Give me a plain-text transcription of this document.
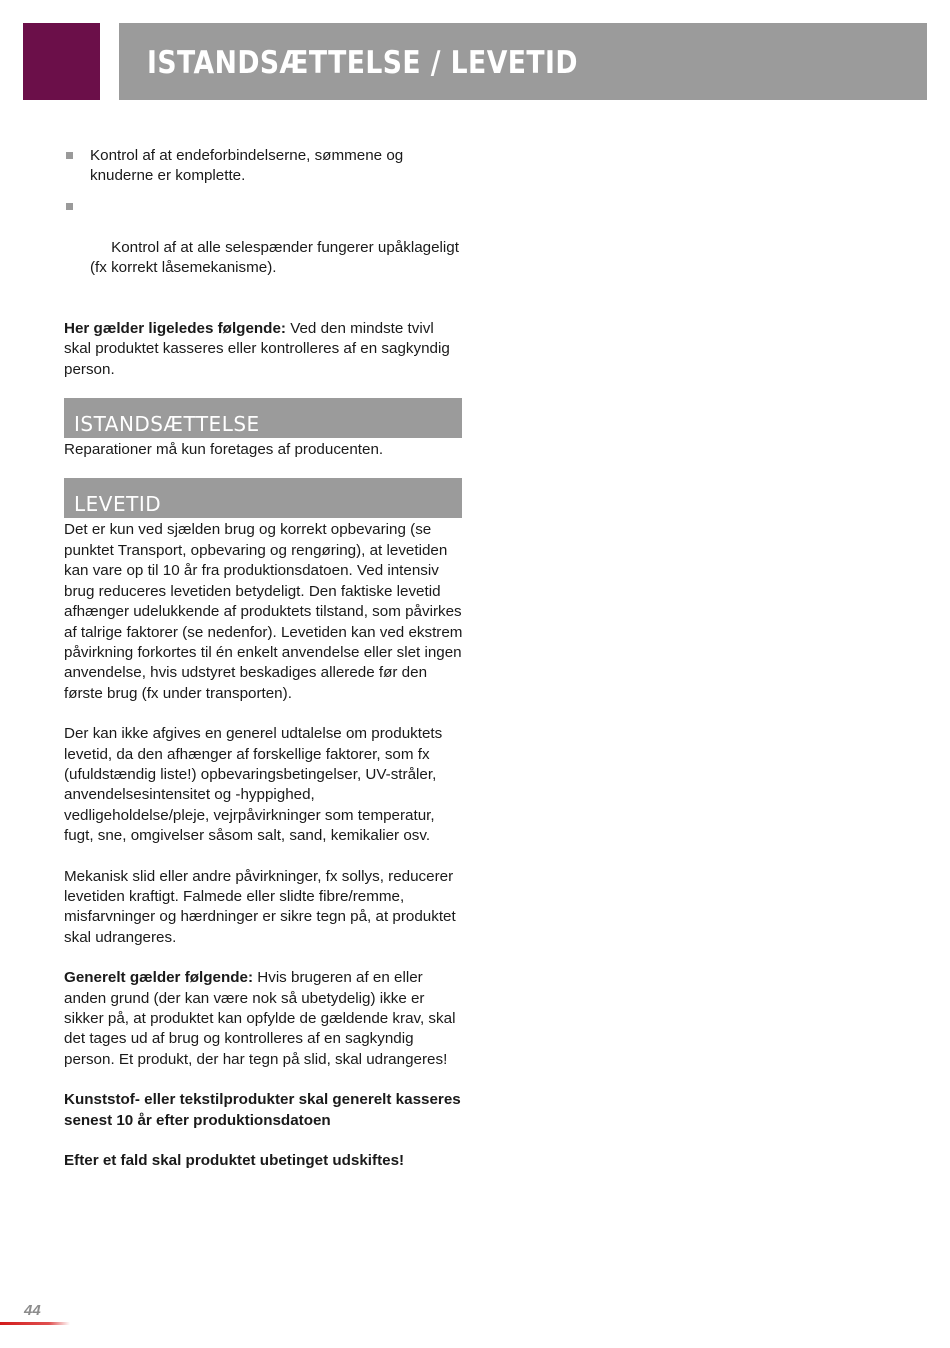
ISTANDSÆTTELSE / LEVETID

Kontrol af at endeforbindelserne, sømmene og knuderne er komplette.

Kontrol af at alle selespænder fungerer upåklageligt (fx korrekt låsemekanisme).

Her gælder ligeledes følgende: Ved den mindste tvivl skal produktet kasseres eller kontrolleres af en sagkyndig person.

ISTANDSÆTTELSE

Reparationer må kun foretages af producenten.

LEVETID

Det er kun ved sjælden brug og korrekt opbevaring (se punktet Transport, opbevaring og rengøring), at levetiden kan vare op til 10 år fra produktionsdatoen. Ved intensiv brug reduceres levetiden betydeligt. Den faktiske levetid afhænger udelukkende af produktets tilstand, som påvirkes af talrige faktorer (se nedenfor). Levetiden kan ved ekstrem påvirkning forkortes til én enkelt anvendelse eller slet ingen anvendelse, hvis udstyret beskadiges allerede før den første brug (fx under transporten).

Der kan ikke afgives en generel udtalelse om produktets levetid, da den afhænger af forskellige faktorer, som fx (ufuldstændig liste!) opbevaringsbetingelser, UV-stråler, anvendelsesintensitet og -hyppighed, vedligeholdelse/pleje, vejrpåvirkninger som temperatur, fugt, sne, omgivelser såsom salt, sand, kemikalier osv.

Mekanisk slid eller andre påvirkninger, fx sollys, reducerer levetiden kraftigt. Falmede eller slidte fibre/remme, misfarvninger og hærdninger er sikre tegn på, at produktet skal udrangeres.

Generelt gælder følgende: Hvis brugeren af en eller anden grund (der kan være nok så ubetydelig) ikke er sikker på, at produktet kan opfylde de gældende krav, skal det tages ud af brug og kontrolleres af en sagkyndig person. Et produkt, der har tegn på slid, skal udrangeres!

Kunststof- eller tekstilprodukter skal generelt kasseres senest 10 år efter produktionsdatoen

Efter et fald skal produktet ubetinget udskiftes!

44
